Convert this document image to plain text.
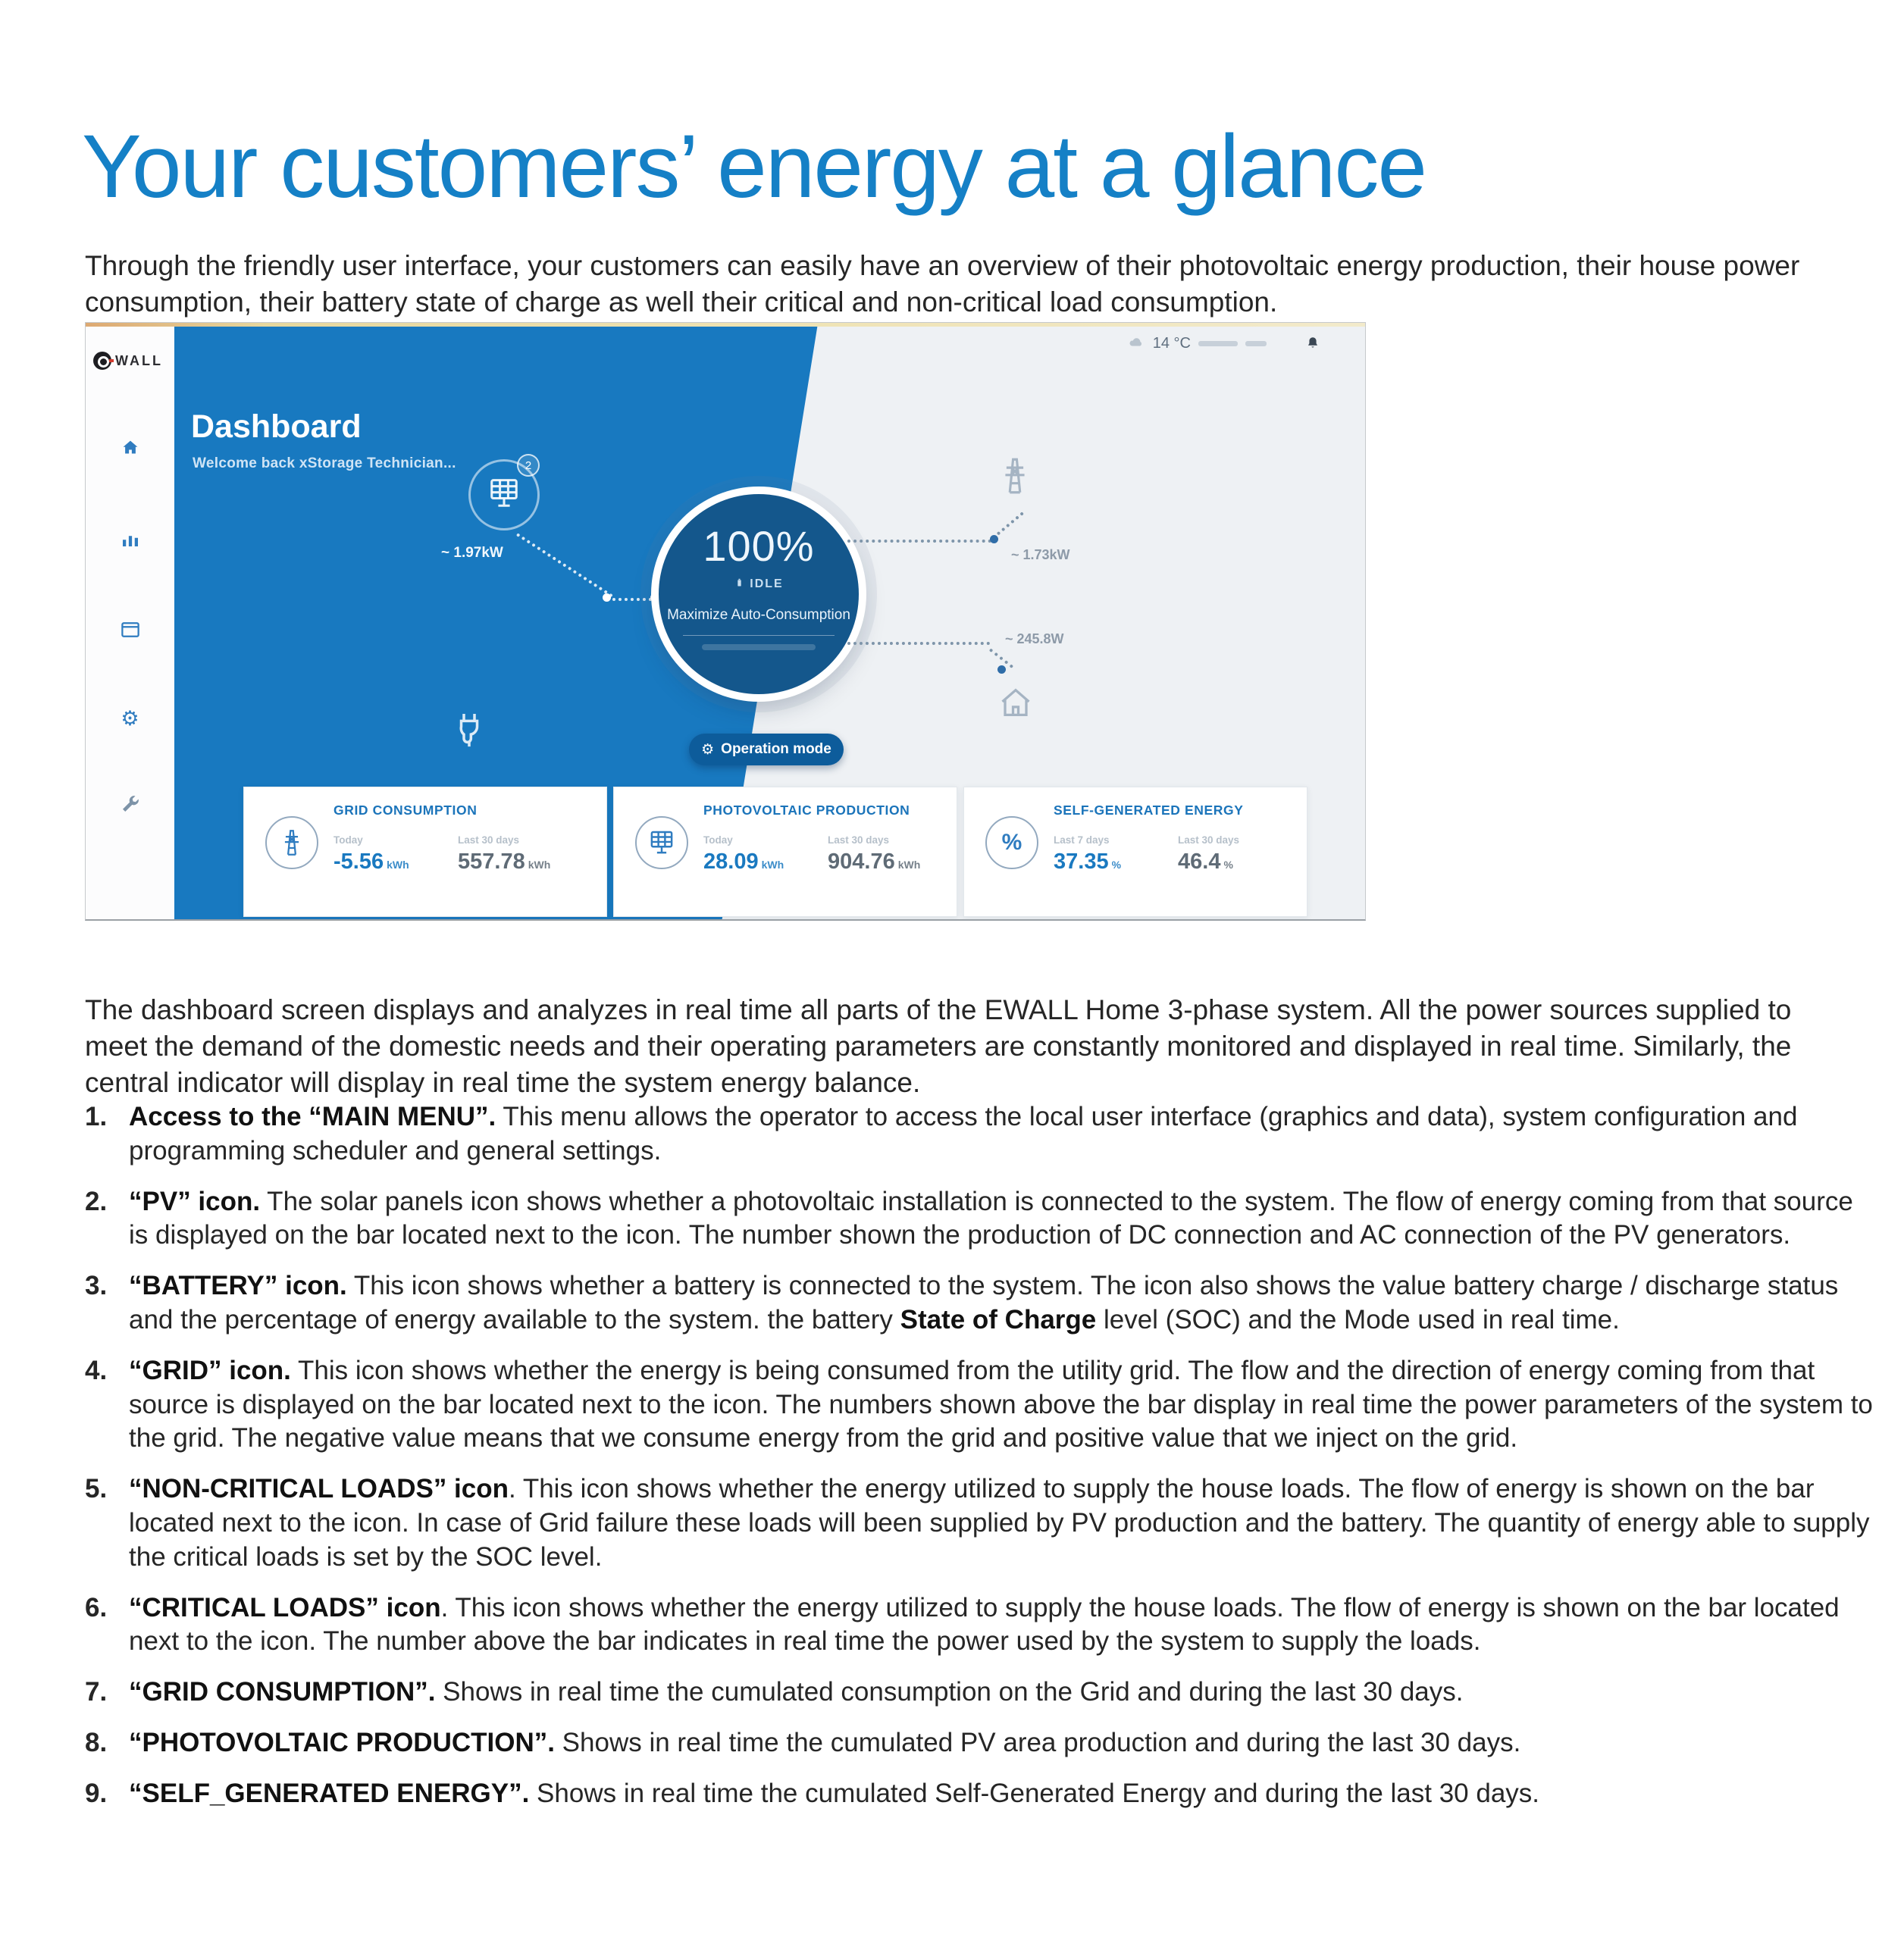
Your customers’ energy at a glance

Through the friendly user interface, your customers can easily have an overview of their photovoltaic energy production, their house power consumption, their battery state of charge as well their critical and non-critical load consumption.

WALL
⚙
Dashboard
Welcome back xStorage Technician...
14 °C
2
~ 1.97kW	100%
IDLE
Maximize Auto-Consumption
~ 1.73kW
~ 245.8W
⚙ Operation mode
GRID CONSUMPTION
Today
-5.56 kWh
Last 30 days
557.78 kWh
PHOTOVOLTAIC PRODUCTION
Today
28.09 kWh
Last 30 days
904.76 kWh
%
SELF-GENERATED ENERGY
Last 7 days
37.35 %
Last 30 days
46.4 %

The dashboard screen displays and analyzes in real time all parts of the EWALL Home 3-phase system. All the power sources supplied to meet the demand of the domestic needs and their operating parameters are constantly monitored and displayed in real time. Similarly, the central indicator will display in real time the system energy balance.

1. Access to the “MAIN MENU”. This menu allows the operator to access the local user interface (graphics and data), system configuration and programming scheduler and general settings.
2. “PV” icon. The solar panels icon shows whether a photovoltaic installation is connected to the system. The flow of energy coming from that source is displayed on the bar located next to the icon. The number shown the production of DC connection and AC connection of the PV generators.
3. “BATTERY” icon. This icon shows whether a battery is connected to the system. The icon also shows the value battery charge / discharge status and the percentage of energy available to the system. the battery State of Charge level (SOC) and the Mode used in real time.
4. “GRID” icon. This icon shows whether the energy is being consumed from the utility grid. The flow and the direction of energy coming from that source is displayed on the bar located next to the icon. The numbers shown above the bar display in real time the power parameters of the system to the grid. The negative value means that we consume energy from the grid and positive value that we inject on the grid.
5. “NON-CRITICAL LOADS” icon. This icon shows whether the energy utilized to supply the house loads. The flow of energy is shown on the bar located next to the icon. In case of Grid failure these loads will been supplied by PV production and the battery. The quantity of energy able to supply the critical loads is set by the SOC level.
6. “CRITICAL LOADS” icon. This icon shows whether the energy utilized to supply the house loads. The flow of energy is shown on the bar located next to the icon. The number above the bar indicates in real time the power used by the system to supply the loads.
7. “GRID CONSUMPTION”. Shows in real time the cumulated consumption on the Grid and during the last 30 days.
8. “PHOTOVOLTAIC PRODUCTION”. Shows in real time the cumulated PV area production and during the last 30 days.
9. “SELF_GENERATED ENERGY”. Shows in real time the cumulated Self-Generated Energy and during the last 30 days.
